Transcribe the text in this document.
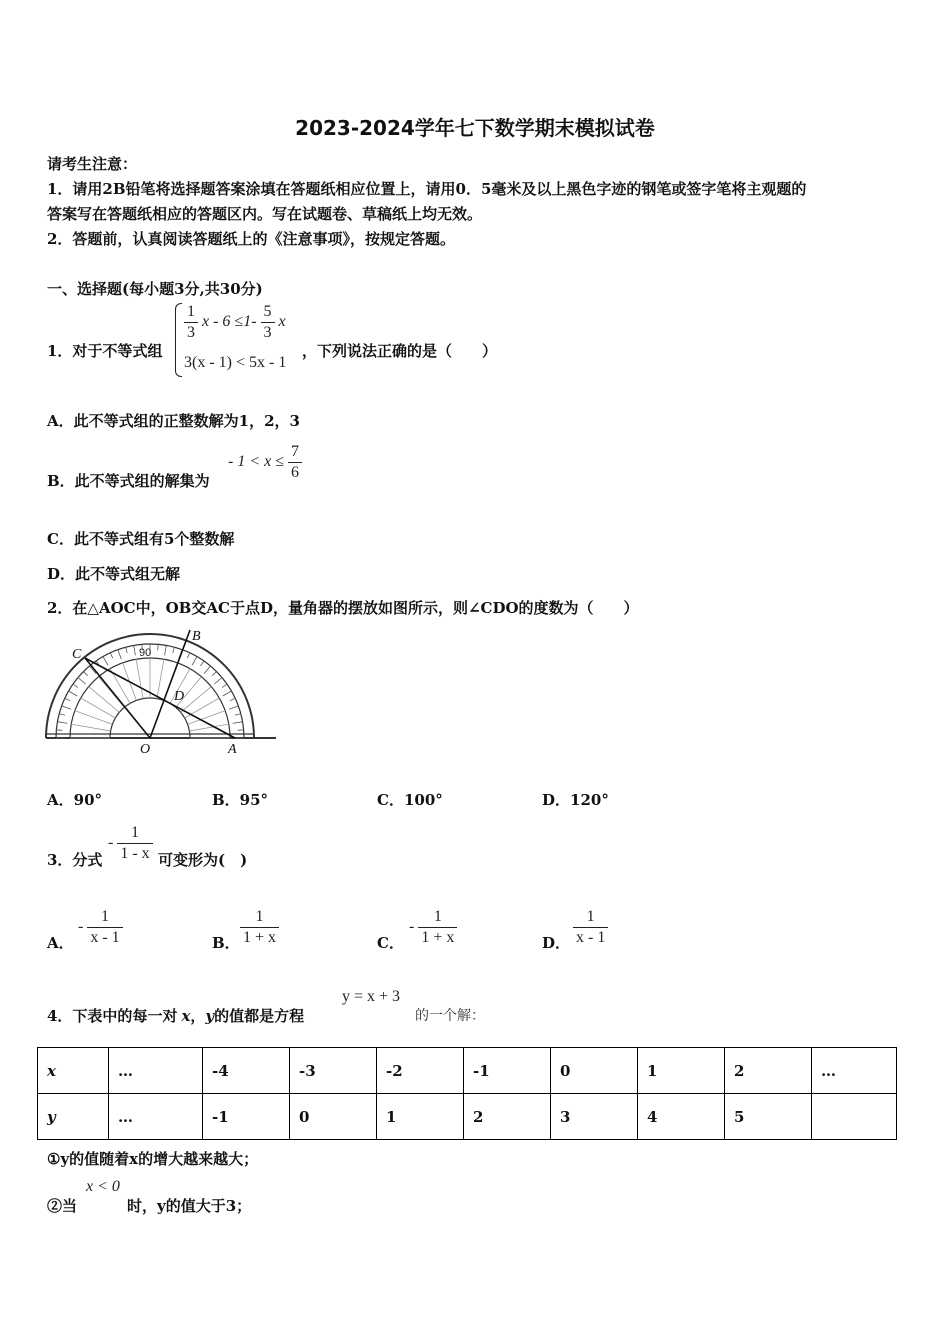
2023-2024学年七下数学期末模拟试卷
请考生注意：
1．请用2B铅笔将选择题答案涂填在答题纸相应位置上，请用0．5毫米及以上黑色字迹的钢笔或签字笔将主观题的
答案写在答题纸相应的答题区内。写在试题卷、草稿纸上均无效。
2．答题前，认真阅读答题纸上的《注意事项》，按规定答题。
一、选择题(每小题3分,共30分)
1．对于不等式组
$\frac{1}{3}$ $x - 6 \le 1- \frac{5}{3}$ x
3(x - 1) < 5x - 1
，下列说法正确的是（　　）
A．此不等式组的正整数解为1，2，3
B．此不等式组的解集为
- $1 < x \le \frac{7}{6}$
C．此不等式组有5个整数解
D．此不等式组无解
2．在△AOC中，OB交AC于点D，量角器的摆放如图所示，则∠CDO的度数为（　　）
C
B
D
O	A
90
A．90°	B．95°	C．100°	D．120°
3．分式
- $\frac{1}{1 - x}$ 可变形为(　)
A．
- $\frac{1}{x - 1}$	B． $\frac{1}{1 + x}$	C．
- $\frac{1}{1 + x}$	D． $\frac{1}{x - 1}$
4．下表中的每一对 x，y的值都是方程
y = x + 3
的一个解：
x	…	-4	-3	-2	-1	0	1	2	…
y	…	-1	0	1	2	3	4	5	
①y的值随着x的增大越来越大；
②当
x < 0
时，y的值大于3；
